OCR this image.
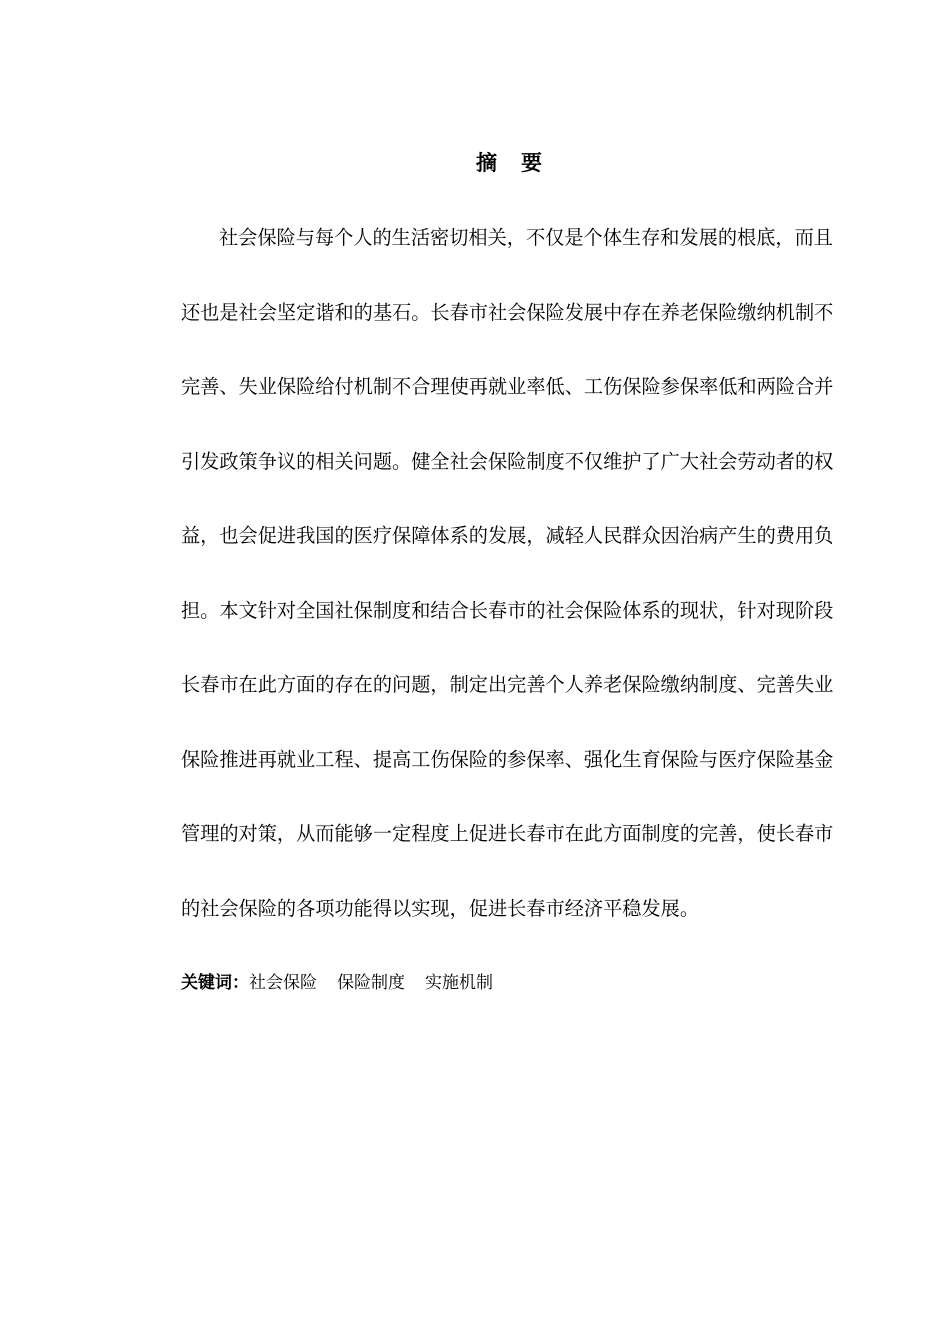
摘 要
社会保险与每个人的生活密切相关，不仅是个体生存和发展的根底，而且
还也是社会坚定谐和的基石。长春市社会保险发展中存在养老保险缴纳机制不
完善、失业保险给付机制不合理使再就业率低、工伤保险参保率低和两险合并
引发政策争议的相关问题。健全社会保险制度不仅维护了广大社会劳动者的权
益，也会促进我国的医疗保障体系的发展，减轻人民群众因治病产生的费用负
担。本文针对全国社保制度和结合长春市的社会保险体系的现状，针对现阶段
长春市在此方面的存在的问题，制定出完善个人养老保险缴纳制度、完善失业
保险推进再就业工程、提高工伤保险的参保率、强化生育保险与医疗保险基金
管理的对策，从而能够一定程度上促进长春市在此方面制度的完善，使长春市
的社会保险的各项功能得以实现，促进长春市经济平稳发展。
关键词：社会保险 保险制度 实施机制
